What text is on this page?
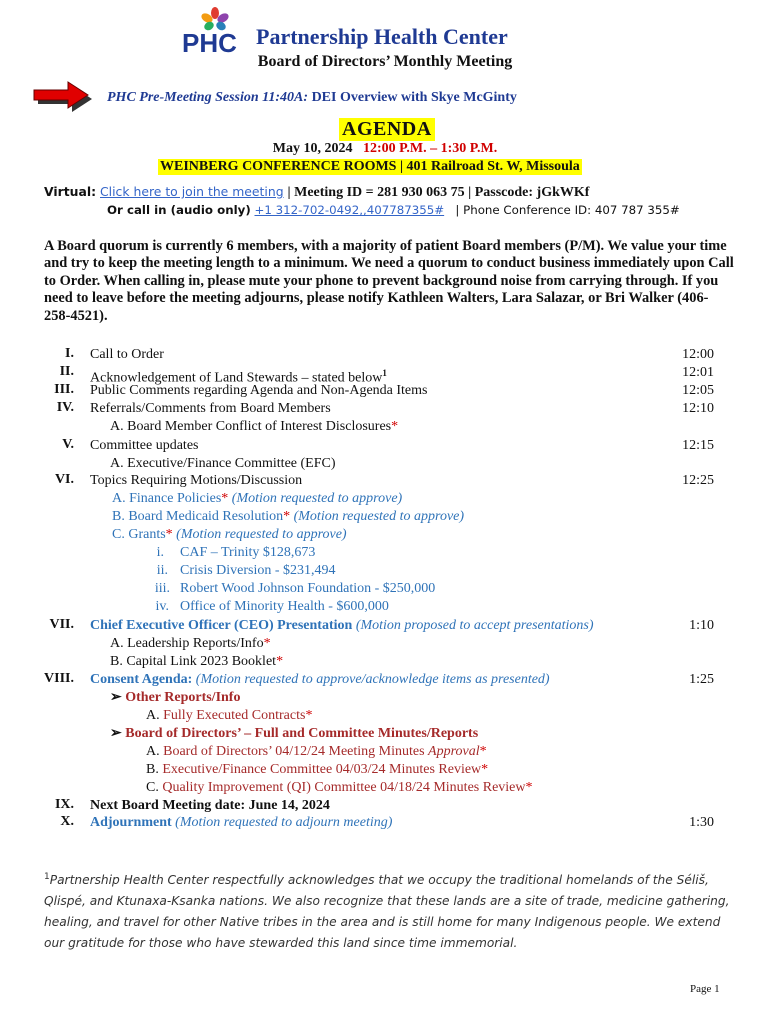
PHC Partnership Health Center
Board of Directors’ Monthly Meeting
PHC Pre-Meeting Session 11:40A: DEI Overview with Skye McGinty
AGENDA
May 10, 2024 12:00 P.M. – 1:30 P.M.
WEINBERG CONFERENCE ROOMS | 401 Railroad St. W, Missoula
Virtual: Click here to join the meeting | Meeting ID = 281 930 063 75 | Passcode: jGkWKf
Or call in (audio only) +1 312-702-0492,,407787355# | Phone Conference ID: 407 787 355#
A Board quorum is currently 6 members, with a majority of patient Board members (P/M). We value your time and try to keep the meeting length to a minimum. We need a quorum to conduct business immediately upon Call to Order. When calling in, please mute your phone to prevent background noise from carrying through. If you need to leave before the meeting adjourns, please notify Kathleen Walters, Lara Salazar, or Bri Walker (406-258-4521).
I. Call to Order	12:00
II. Acknowledgement of Land Stewards – stated below$^1$	12:01
III. Public Comments regarding Agenda and Non-Agenda Items	12:05
IV. Referrals/Comments from Board Members	12:10
A. Board Member Conflict of Interest Disclosures*
V. Committee updates	12:15
A. Executive/Finance Committee (EFC)
VI. Topics Requiring Motions/Discussion	12:25
A. Finance Policies* (Motion requested to approve)
B. Board Medicaid Resolution* (Motion requested to approve)
C. Grants* (Motion requested to approve)
i. CAF – Trinity $128,673
ii. Crisis Diversion - $231,494
iii. Robert Wood Johnson Foundation - $250,000
iv. Office of Minority Health - $600,000
VII. Chief Executive Officer (CEO) Presentation (Motion proposed to accept presentations)	1:10
A. Leadership Reports/Info*
B. Capital Link 2023 Booklet*
VIII. Consent Agenda: (Motion requested to approve/acknowledge items as presented)	1:25
➢ Other Reports/Info
A. Fully Executed Contracts*
➢ Board of Directors’ – Full and Committee Minutes/Reports
A. Board of Directors’ 04/12/24 Meeting Minutes Approval*
B. Executive/Finance Committee 04/03/24 Minutes Review*
C. Quality Improvement (QI) Committee 04/18/24 Minutes Review*
IX. Next Board Meeting date: June 14, 2024
X. Adjournment (Motion requested to adjourn meeting)	1:30
$^1$Partnership Health Center respectfully acknowledges that we occupy the traditional homelands of the Séliš, Qlispé, and Ktunaxa-Ksanka nations. We also recognize that these lands are a site of trade, medicine gathering, healing, and travel for other Native tribes in the area and is still home for many Indigenous people. We extend our gratitude for those who have stewarded this land since time immemorial.
Page 1
